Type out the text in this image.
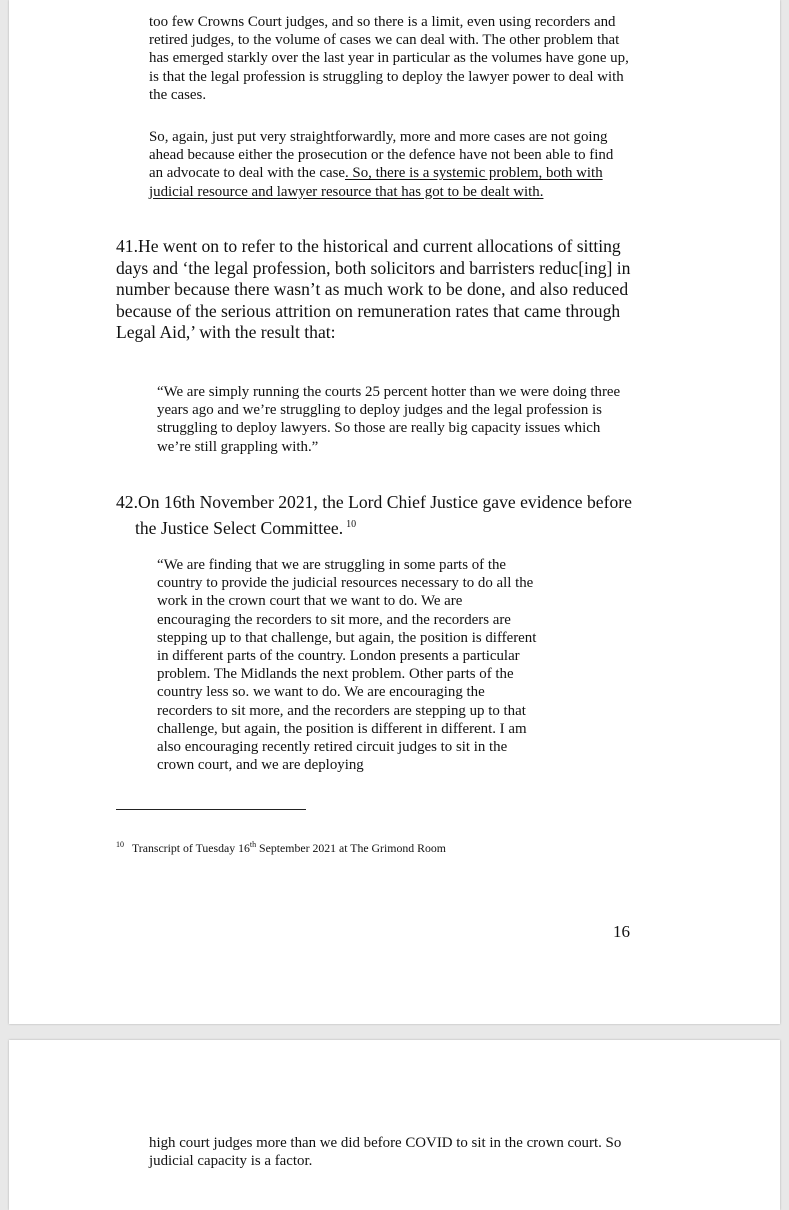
too few Crowns Court judges, and so there is a limit, even using recorders and retired judges, to the volume of cases we can deal with. The other problem that has emerged starkly over the last year in particular as the volumes have gone up, is that the legal profession is struggling to deploy the lawyer power to deal with the cases.

So, again, just put very straightforwardly, more and more cases are not going ahead because either the prosecution or the defence have not been able to find an advocate to deal with the case. So, there is a systemic problem, both with judicial resource and lawyer resource that has got to be dealt with.

41.He went on to refer to the historical and current allocations of sitting days and ‘the legal profession, both solicitors and barristers reduc[ing] in number because there wasn’t as much work to be done, and also reduced because of the serious attrition on remuneration rates that came through Legal Aid,’ with the result that:

“We are simply running the courts 25 percent hotter than we were doing three years ago and we’re struggling to deploy judges and the legal profession is struggling to deploy lawyers. So those are really big capacity issues which we’re still grappling with.”

42.On 16th November 2021, the Lord Chief Justice gave evidence before
the Justice Select Committee. $^{10}$

“We are finding that we are struggling in some parts of the country to provide the judicial resources necessary to do all the work in the crown court that we want to do. We are encouraging the recorders to sit more, and the recorders are stepping up to that challenge, but again, the position is different in different parts of the country. London presents a particular problem. The Midlands the next problem. Other parts of the country less so. we want to do. We are encouraging the recorders to sit more, and the recorders are stepping up to that challenge, but again, the position is different in different. I am also encouraging recently retired circuit judges to sit in the crown court, and we are deploying

$^{10}$ Transcript of Tuesday 16th September 2021 at The Grimond Room
16

high court judges more than we did before COVID to sit in the crown court. So judicial capacity is a factor.
